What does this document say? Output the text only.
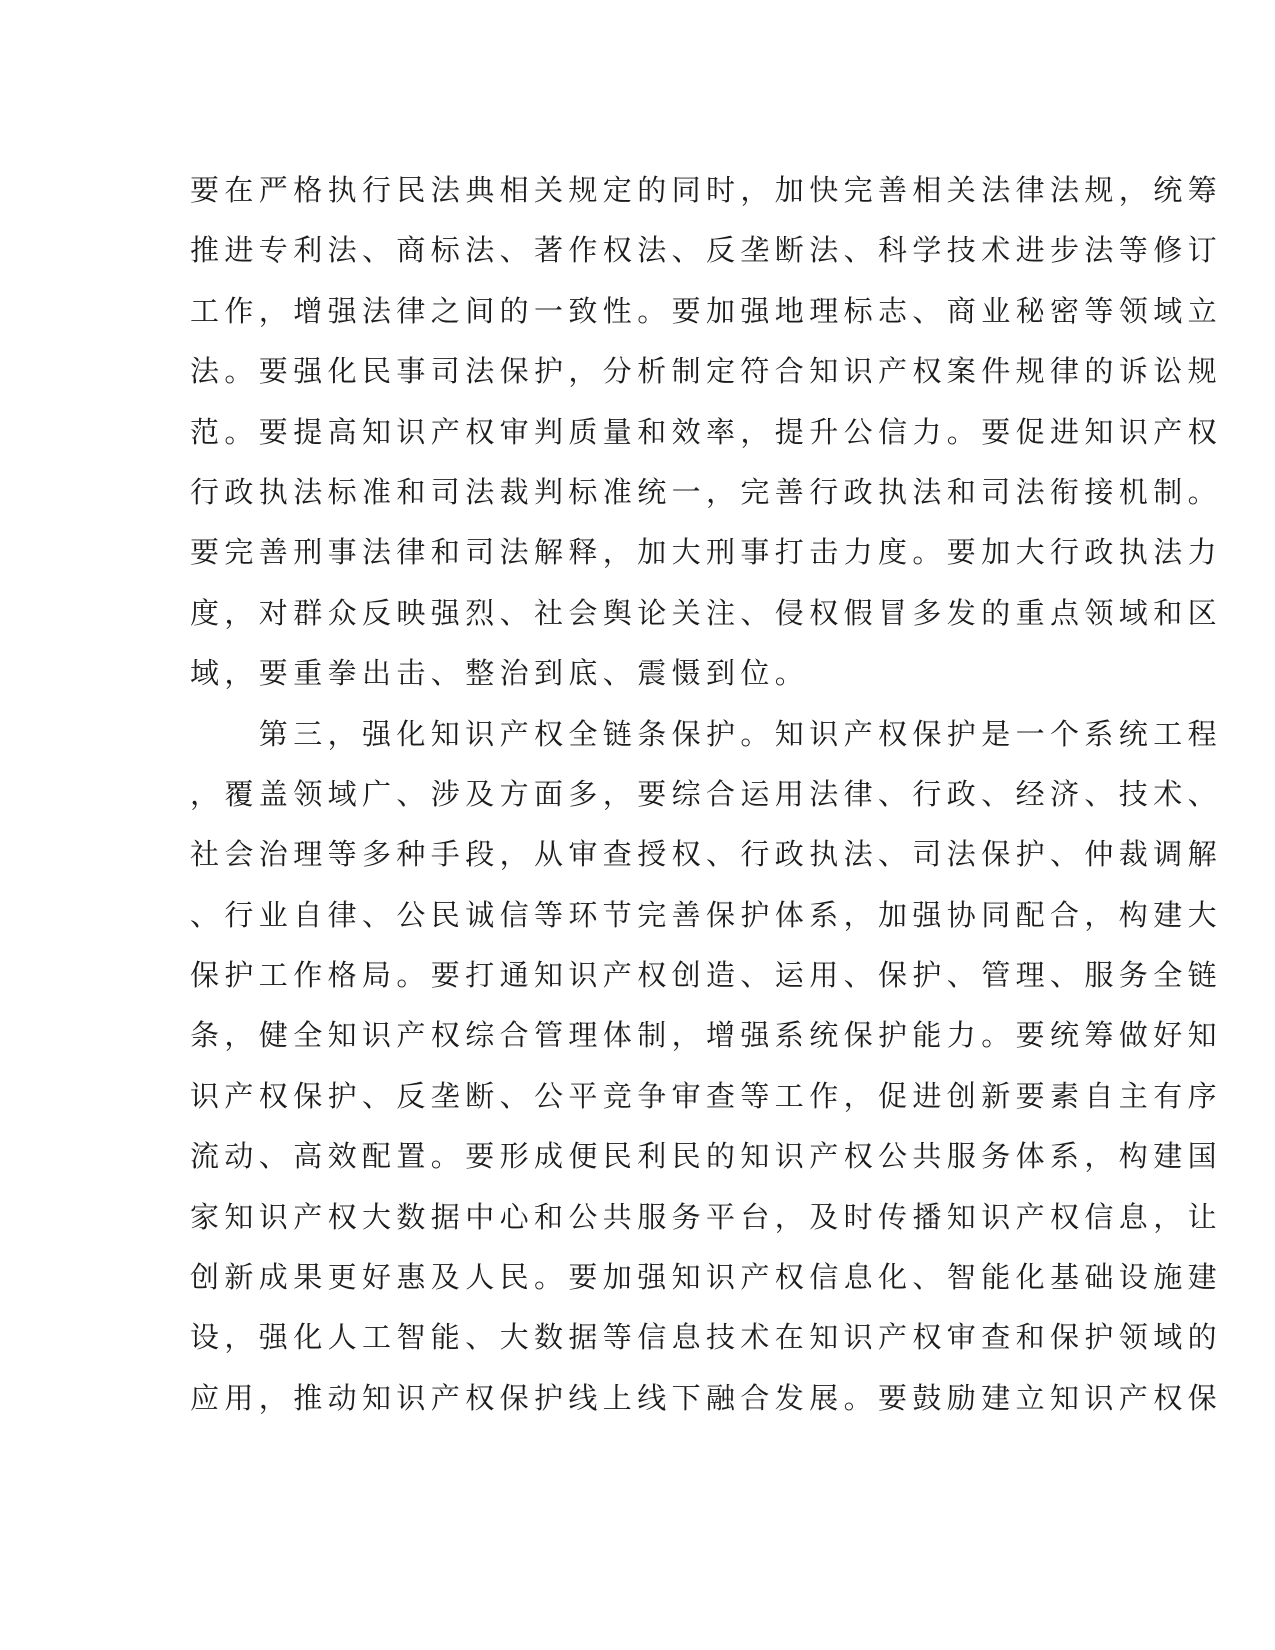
要在严格执行民法典相关规定的同时，加快完善相关法律法规，统筹
推进专利法、商标法、著作权法、反垄断法、科学技术进步法等修订
工作，增强法律之间的一致性。要加强地理标志、商业秘密等领域立
法。要强化民事司法保护，分析制定符合知识产权案件规律的诉讼规
范。要提高知识产权审判质量和效率，提升公信力。要促进知识产权
行政执法标准和司法裁判标准统一，完善行政执法和司法衔接机制。
要完善刑事法律和司法解释，加大刑事打击力度。要加大行政执法力
度，对群众反映强烈、社会舆论关注、侵权假冒多发的重点领域和区
域，要重拳出击、整治到底、震慑到位。
　　第三，强化知识产权全链条保护。知识产权保护是一个系统工程
，覆盖领域广、涉及方面多，要综合运用法律、行政、经济、技术、
社会治理等多种手段，从审查授权、行政执法、司法保护、仲裁调解
、行业自律、公民诚信等环节完善保护体系，加强协同配合，构建大
保护工作格局。要打通知识产权创造、运用、保护、管理、服务全链
条，健全知识产权综合管理体制，增强系统保护能力。要统筹做好知
识产权保护、反垄断、公平竞争审查等工作，促进创新要素自主有序
流动、高效配置。要形成便民利民的知识产权公共服务体系，构建国
家知识产权大数据中心和公共服务平台，及时传播知识产权信息，让
创新成果更好惠及人民。要加强知识产权信息化、智能化基础设施建
设，强化人工智能、大数据等信息技术在知识产权审查和保护领域的
应用，推动知识产权保护线上线下融合发展。要鼓励建立知识产权保
